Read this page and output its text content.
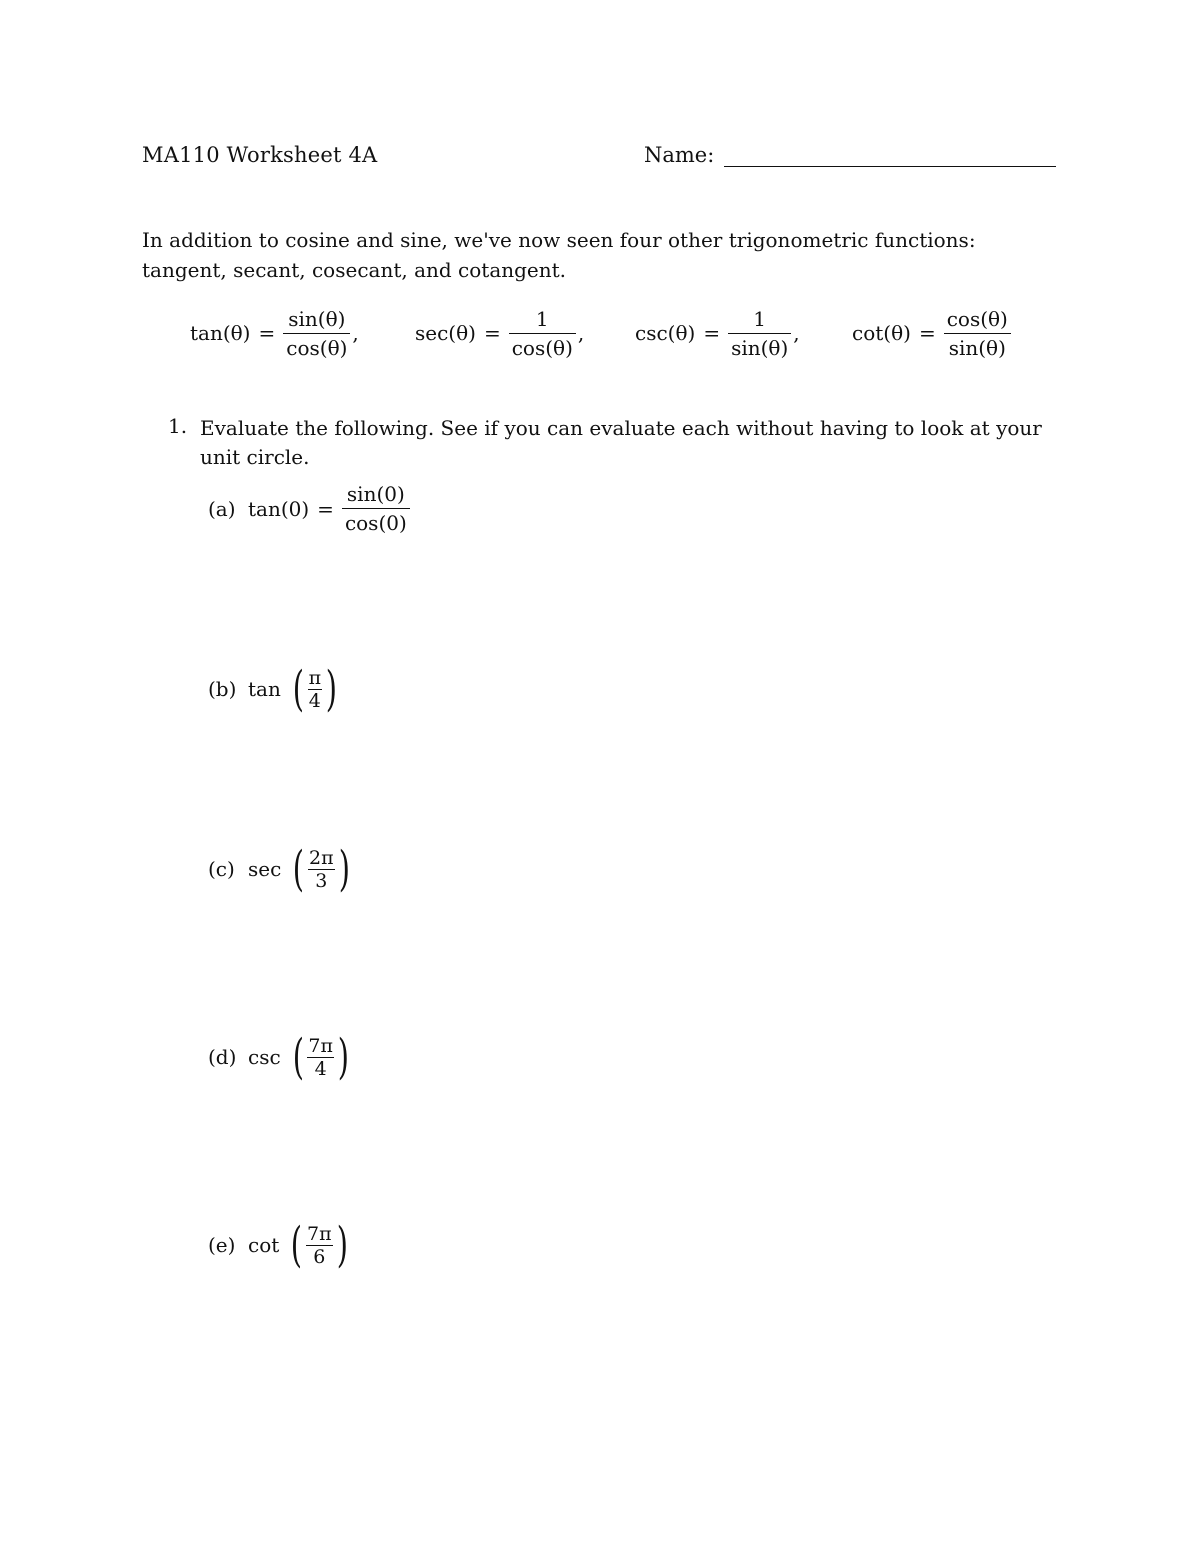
MA110 Worksheet 4A	Name:
In addition to cosine and sine, we've now seen four other trigonometric functions: tangent, secant, cosecant, and cotangent.
$\tan(\theta) = \frac{\sin(\theta)}{\cos(\theta)}$ ,	$\sec(\theta) = \frac{1}{\cos(\theta)}$ ,	$\csc(\theta) = \frac{1}{\sin(\theta)}$ ,	$\cot(\theta) = \frac{\cos(\theta)}{\sin(\theta)}$
1. Evaluate the following. See if you can evaluate each without having to look at your unit circle.
(a) $\tan(0) = \frac{\sin(0)}{\cos(0)}$
(b) tan ( $\frac{\pi}{4}$ )
(c) sec ( $\frac{2\pi}{3}$ )
(d) csc ( $\frac{7\pi}{4}$ )
(e) cot ( $\frac{7\pi}{6}$ )
